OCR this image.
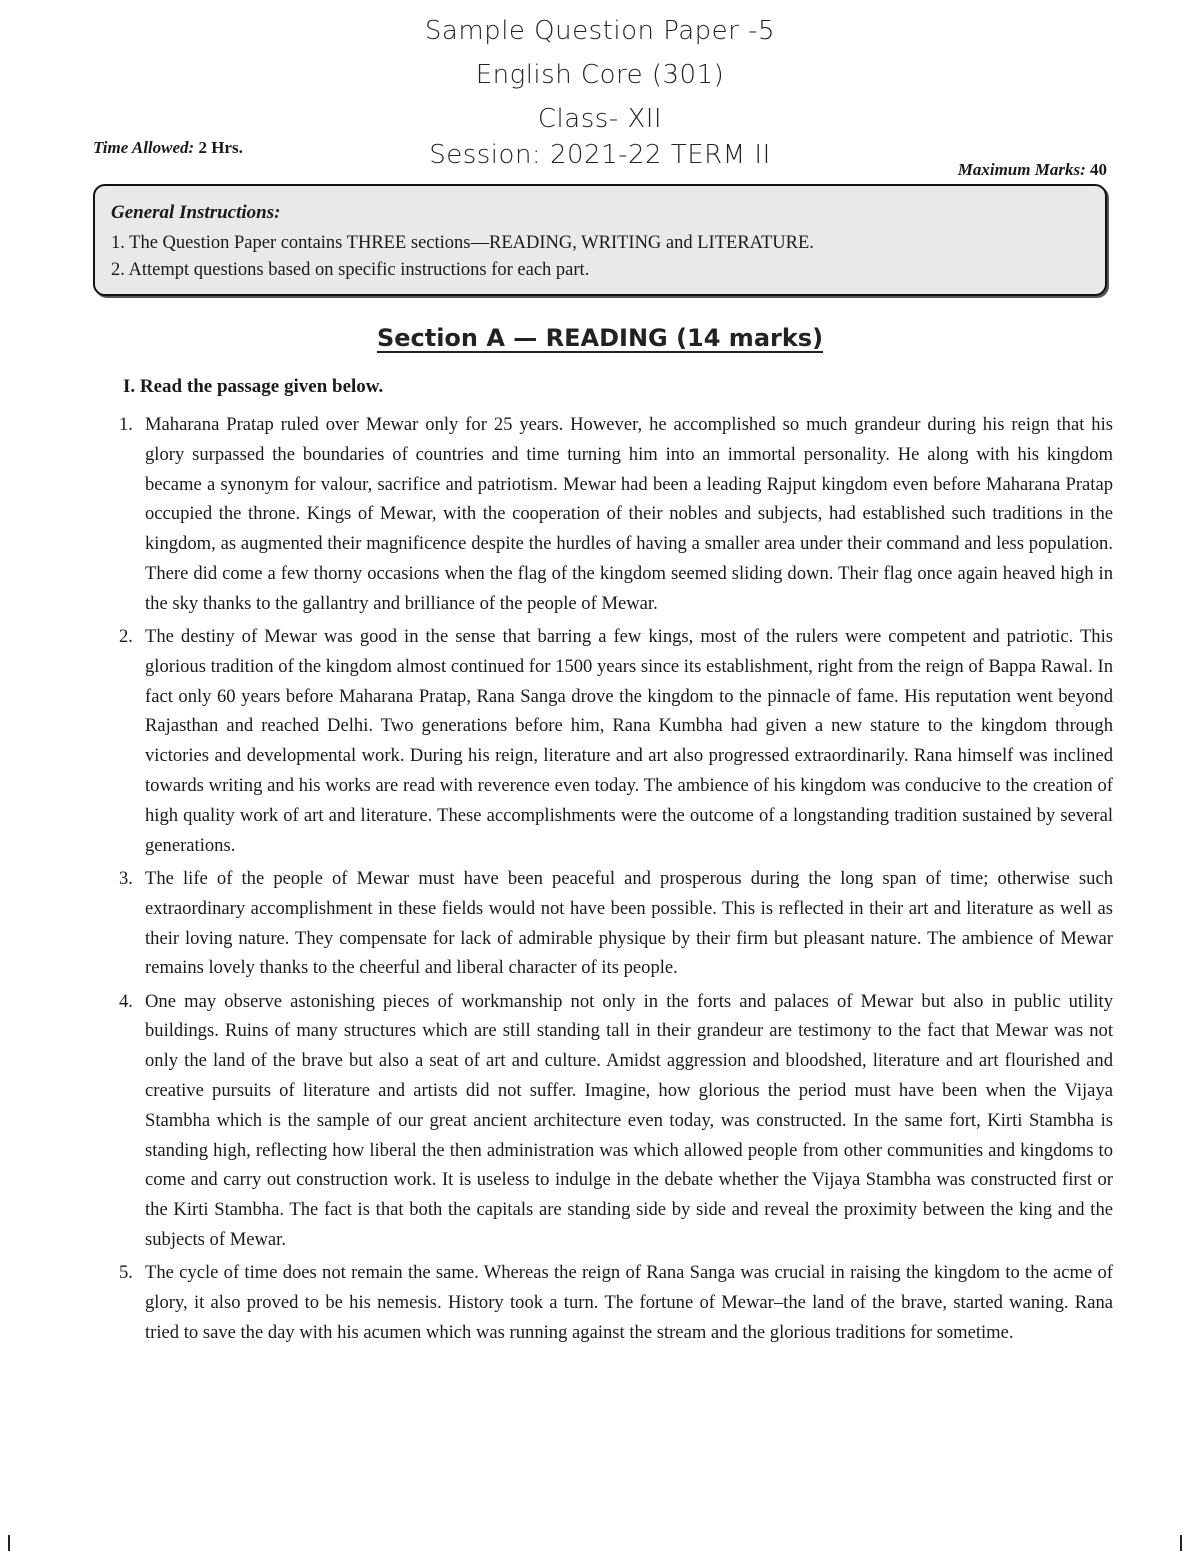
Sample Question Paper -5
English Core (301)
Class- XII
Session: 2021-22 TERM II
Time Allowed: 2 Hrs.
Maximum Marks: 40
General Instructions:
1. The Question Paper contains THREE sections—READING, WRITING and LITERATURE.
2. Attempt questions based on specific instructions for each part.
Section A — READING (14 marks)
I. Read the passage given below.
1. Maharana Pratap ruled over Mewar only for 25 years. However, he accomplished so much grandeur during his reign that his glory surpassed the boundaries of countries and time turning him into an immortal personality. He along with his kingdom became a synonym for valour, sacrifice and patriotism. Mewar had been a leading Rajput kingdom even before Maharana Pratap occupied the throne. Kings of Mewar, with the cooperation of their nobles and subjects, had established such traditions in the kingdom, as augmented their magnificence despite the hurdles of having a smaller area under their command and less population. There did come a few thorny occasions when the flag of the kingdom seemed sliding down. Their flag once again heaved high in the sky thanks to the gallantry and brilliance of the people of Mewar.
2. The destiny of Mewar was good in the sense that barring a few kings, most of the rulers were competent and patriotic. This glorious tradition of the kingdom almost continued for 1500 years since its establishment, right from the reign of Bappa Rawal. In fact only 60 years before Maharana Pratap, Rana Sanga drove the kingdom to the pinnacle of fame. His reputation went beyond Rajasthan and reached Delhi. Two generations before him, Rana Kumbha had given a new stature to the kingdom through victories and developmental work. During his reign, literature and art also progressed extraordinarily. Rana himself was inclined towards writing and his works are read with reverence even today. The ambience of his kingdom was conducive to the creation of high quality work of art and literature. These accomplishments were the outcome of a longstanding tradition sustained by several generations.
3. The life of the people of Mewar must have been peaceful and prosperous during the long span of time; otherwise such extraordinary accomplishment in these fields would not have been possible. This is reflected in their art and literature as well as their loving nature. They compensate for lack of admirable physique by their firm but pleasant nature. The ambience of Mewar remains lovely thanks to the cheerful and liberal character of its people.
4. One may observe astonishing pieces of workmanship not only in the forts and palaces of Mewar but also in public utility buildings. Ruins of many structures which are still standing tall in their grandeur are testimony to the fact that Mewar was not only the land of the brave but also a seat of art and culture. Amidst aggression and bloodshed, literature and art flourished and creative pursuits of literature and artists did not suffer. Imagine, how glorious the period must have been when the Vijaya Stambha which is the sample of our great ancient architecture even today, was constructed. In the same fort, Kirti Stambha is standing high, reflecting how liberal the then administration was which allowed people from other communities and kingdoms to come and carry out construction work. It is useless to indulge in the debate whether the Vijaya Stambha was constructed first or the Kirti Stambha. The fact is that both the capitals are standing side by side and reveal the proximity between the king and the subjects of Mewar.
5. The cycle of time does not remain the same. Whereas the reign of Rana Sanga was crucial in raising the kingdom to the acme of glory, it also proved to be his nemesis. History took a turn. The fortune of Mewar–the land of the brave, started waning. Rana tried to save the day with his acumen which was running against the stream and the glorious traditions for sometime.
